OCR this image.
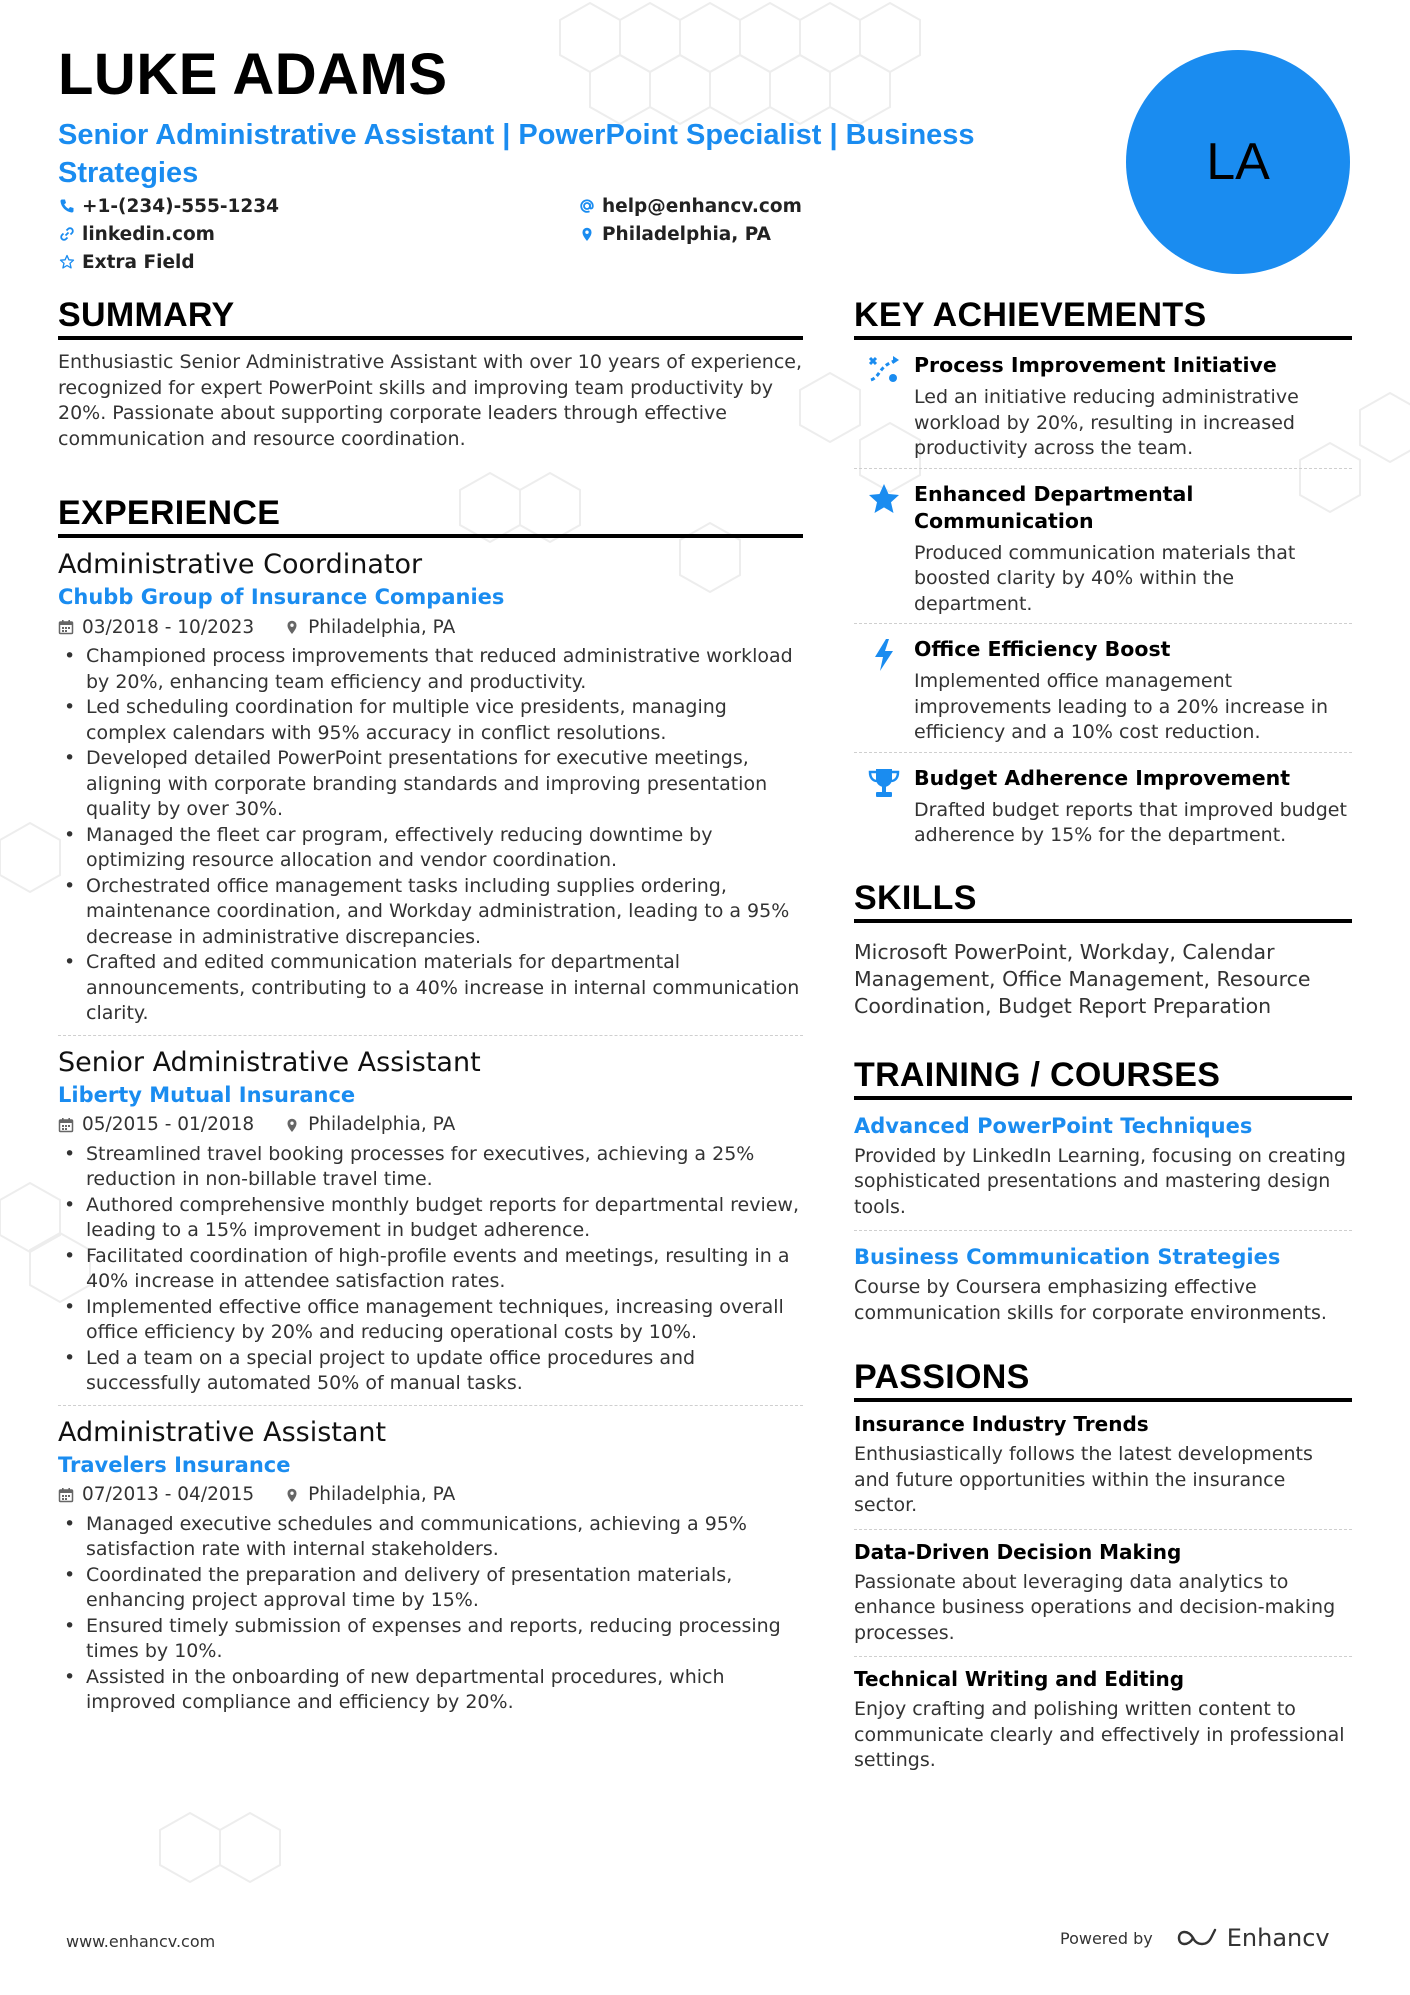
LUKE ADAMS
Senior Administrative Assistant | PowerPoint Specialist | Business Strategies
+1-(234)-555-1234	help@enhancv.com
linkedin.com	Philadelphia, PA
Extra Field
LA
SUMMARY
Enthusiastic Senior Administrative Assistant with over 10 years of experience, recognized for expert PowerPoint skills and improving team productivity by 20%. Passionate about supporting corporate leaders through effective communication and resource coordination.
EXPERIENCE
Administrative Coordinator
Chubb Group of Insurance Companies
03/2018 - 10/2023	Philadelphia, PA
• Championed process improvements that reduced administrative workload by 20%, enhancing team efficiency and productivity.
• Led scheduling coordination for multiple vice presidents, managing complex calendars with 95% accuracy in conflict resolutions.
• Developed detailed PowerPoint presentations for executive meetings, aligning with corporate branding standards and improving presentation quality by over 30%.
• Managed the fleet car program, effectively reducing downtime by optimizing resource allocation and vendor coordination.
• Orchestrated office management tasks including supplies ordering, maintenance coordination, and Workday administration, leading to a 95% decrease in administrative discrepancies.
• Crafted and edited communication materials for departmental announcements, contributing to a 40% increase in internal communication clarity.
Senior Administrative Assistant
Liberty Mutual Insurance
05/2015 - 01/2018	Philadelphia, PA
• Streamlined travel booking processes for executives, achieving a 25% reduction in non-billable travel time.
• Authored comprehensive monthly budget reports for departmental review, leading to a 15% improvement in budget adherence.
• Facilitated coordination of high-profile events and meetings, resulting in a 40% increase in attendee satisfaction rates.
• Implemented effective office management techniques, increasing overall office efficiency by 20% and reducing operational costs by 10%.
• Led a team on a special project to update office procedures and successfully automated 50% of manual tasks.
Administrative Assistant
Travelers Insurance
07/2013 - 04/2015	Philadelphia, PA
• Managed executive schedules and communications, achieving a 95% satisfaction rate with internal stakeholders.
• Coordinated the preparation and delivery of presentation materials, enhancing project approval time by 15%.
• Ensured timely submission of expenses and reports, reducing processing times by 10%.
• Assisted in the onboarding of new departmental procedures, which improved compliance and efficiency by 20%.
KEY ACHIEVEMENTS
Process Improvement Initiative
Led an initiative reducing administrative workload by 20%, resulting in increased productivity across the team.
Enhanced Departmental Communication
Produced communication materials that boosted clarity by 40% within the department.
Office Efficiency Boost
Implemented office management improvements leading to a 20% increase in efficiency and a 10% cost reduction.
Budget Adherence Improvement
Drafted budget reports that improved budget adherence by 15% for the department.
SKILLS
Microsoft PowerPoint, Workday, Calendar Management, Office Management, Resource Coordination, Budget Report Preparation
TRAINING / COURSES
Advanced PowerPoint Techniques
Provided by LinkedIn Learning, focusing on creating sophisticated presentations and mastering design tools.
Business Communication Strategies
Course by Coursera emphasizing effective communication skills for corporate environments.
PASSIONS
Insurance Industry Trends
Enthusiastically follows the latest developments and future opportunities within the insurance sector.
Data-Driven Decision Making
Passionate about leveraging data analytics to enhance business operations and decision-making processes.
Technical Writing and Editing
Enjoy crafting and polishing written content to communicate clearly and effectively in professional settings.
www.enhancv.com	Powered by	Enhancv
